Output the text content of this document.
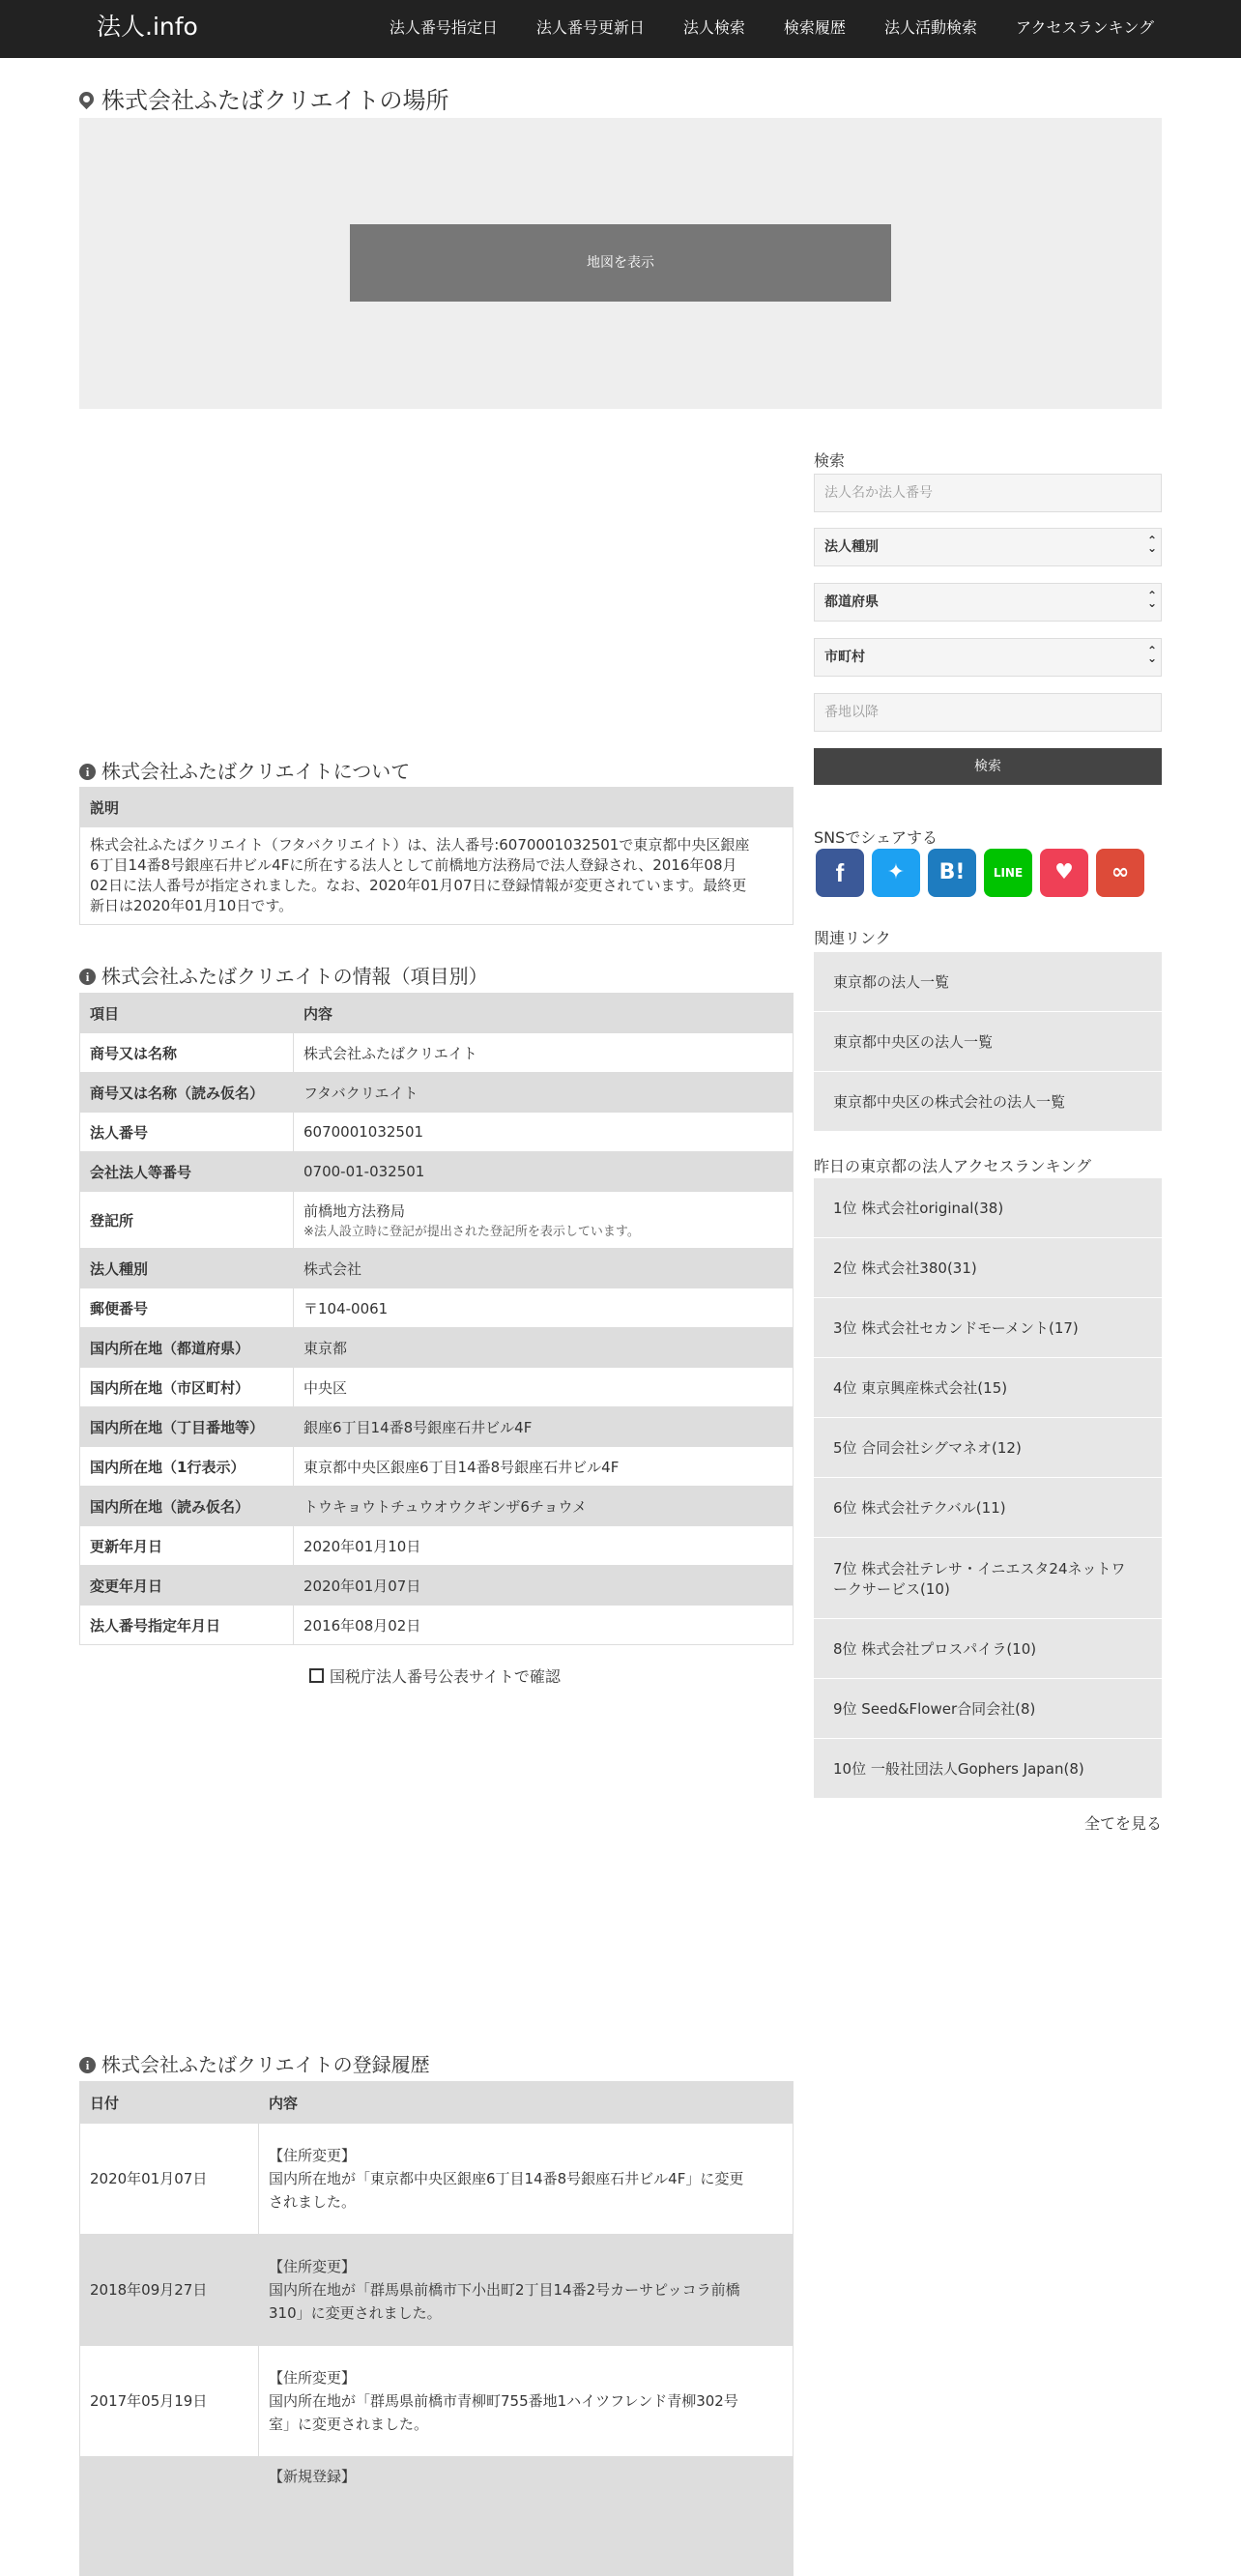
法人.info	法人番号指定日	法人番号更新日	法人検索	検索履歴	法人活動検索	アクセスランキング
株式会社ふたばクリエイトの場所
地図を表示
i 株式会社ふたばクリエイトについて
説明

株式会社ふたばクリエイト（フタバクリエイト）は、法人番号:6070001032501で東京都中央区銀座
6丁目14番8号銀座石井ビル4Fに所在する法人として前橋地方法務局で法人登録され、2016年08月
02日に法人番号が指定されました。なお、2020年01月07日に登録情報が変更されています。最終更
新日は2020年01月10日です。
i 株式会社ふたばクリエイトの情報（項目別）
項目	内容
商号又は名称	株式会社ふたばクリエイト
商号又は名称（読み仮名）	フタバクリエイト
法人番号	6070001032501
会社法人等番号	0700-01-032501
登記所	前橋地方法務局
※法人設立時に登記が提出された登記所を表示しています。

法人種別	株式会社
郵便番号	〒104-0061
国内所在地（都道府県）	東京都
国内所在地（市区町村）	中央区
国内所在地（丁目番地等）	銀座6丁目14番8号銀座石井ビル4F
国内所在地（1行表示）	東京都中央区銀座6丁目14番8号銀座石井ビル4F
国内所在地（読み仮名）	トウキョウトチュウオウクギンザ6チョウメ
更新年月日	2020年01月10日
変更年月日	2020年01月07日
法人番号指定年月日	2016年08月02日
国税庁法人番号公表サイトで確認
i 株式会社ふたばクリエイトの登録履歴
日付	内容
2020年01月07日	【住所変更】
国内所在地が「東京都中央区銀座6丁目14番8号銀座石井ビル4F」に変更
されました。

2018年09月27日	【住所変更】
国内所在地が「群馬県前橋市下小出町2丁目14番2号カーサピッコラ前橋
310」に変更されました。

2017年05月19日	【住所変更】
国内所在地が「群馬県前橋市青柳町755番地1ハイツフレンド青柳302号
室」に変更されました。

	【新規登録】
検索
法人名か法人番号
⌄ 法人種別 ⌃
⌄ 都道府県 ⌃
⌄ 市町村 ⌃
番地以降
検索
SNSでシェアする
f	✦	B!	LINE	♥	∞
関連リンク
東京都の法人一覧
東京都中央区の法人一覧
東京都中央区の株式会社の法人一覧
昨日の東京都の法人アクセスランキング
1位 株式会社original(38)
2位 株式会社380(31)
3位 株式会社セカンドモーメント(17)
4位 東京興産株式会社(15)
5位 合同会社シグマネオ(12)
6位 株式会社テクバル(11)
7位 株式会社テレサ・イニエスタ24ネットワ
ークサービス(10)
8位 株式会社プロスパイラ(10)
9位 Seed&Flower合同会社(8)
10位 一般社団法人Gophers Japan(8)
全てを見る
